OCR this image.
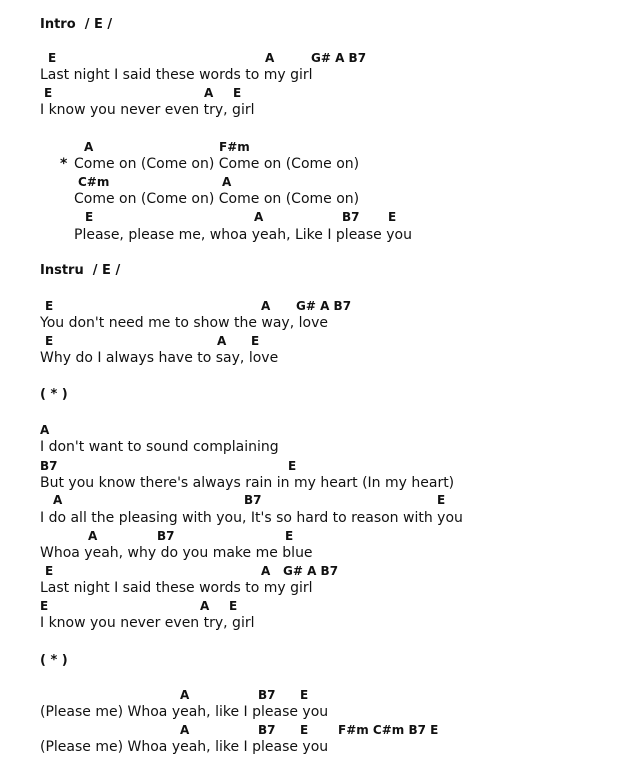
Intro  / E /
E	A	G# A B7
Last night I said these words to my girl
E	A E
I know you never even try, girl
A	F#m
* Come on (Come on) Come on (Come on)
C#m	A
Come on (Come on) Come on (Come on)
E	A	B7 E
Please, please me, whoa yeah, Like I please you
Instru  / E /
E	A G# A B7
You don't need me to show the way, love
E	A E
Why do I always have to say, love
( * )
A
I don't want to sound complaining
B7	E
But you know there's always rain in my heart (In my heart)
A	B7	E
I do all the pleasing with you, It's so hard to reason with you
A	B7	E
Whoa yeah, why do you make me blue
E	A G# A B7
Last night I said these words to my girl
E	A E
I know you never even try, girl
( * )
A	B7 E
(Please me) Whoa yeah, like I please you
A	B7 E F#m C#m B7 E
(Please me) Whoa yeah, like I please you
